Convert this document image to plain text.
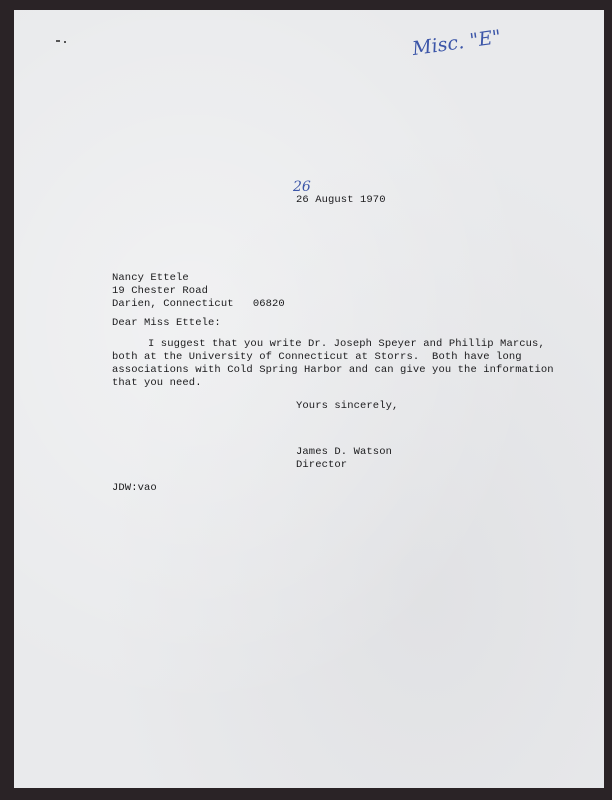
Misc. "E"
26
26 August 1970
Nancy Ettele
19 Chester Road
Darien, Connecticut   06820
Dear Miss Ettele:
I suggest that you write Dr. Joseph Speyer and Phillip Marcus,
both at the University of Connecticut at Storrs.  Both have long
associations with Cold Spring Harbor and can give you the information
that you need.
Yours sincerely,
James D. Watson
Director
JDW:vao
